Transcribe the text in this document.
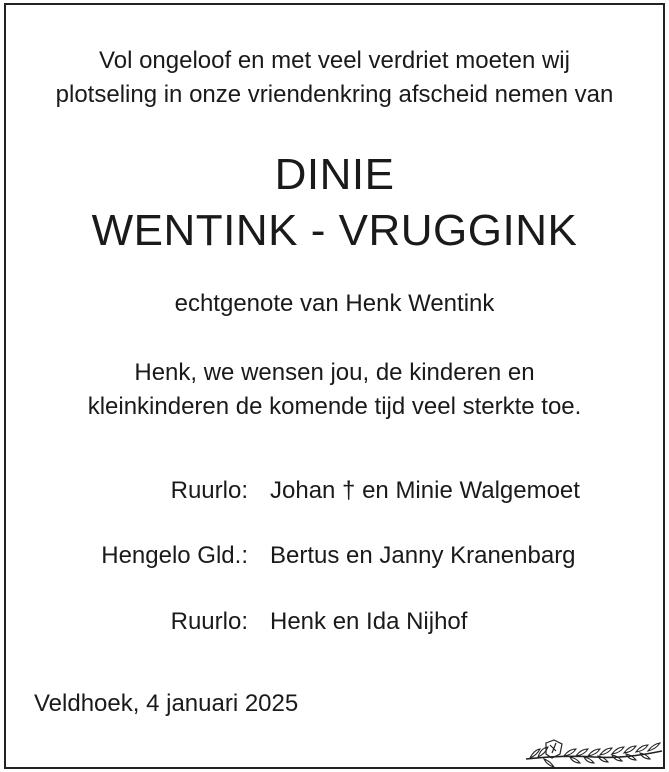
Vol ongeloof en met veel verdriet moeten wij
plotseling in onze vriendenkring afscheid nemen van
DINIE
WENTINK - VRUGGINK
echtgenote van Henk Wentink
Henk, we wensen jou, de kinderen en
kleinkinderen de komende tijd veel sterkte toe.
Ruurlo: Johan † en Minie Walgemoet
Hengelo Gld.: Bertus en Janny Kranenbarg
Ruurlo: Henk en Ida Nijhof
Veldhoek, 4 januari 2025
